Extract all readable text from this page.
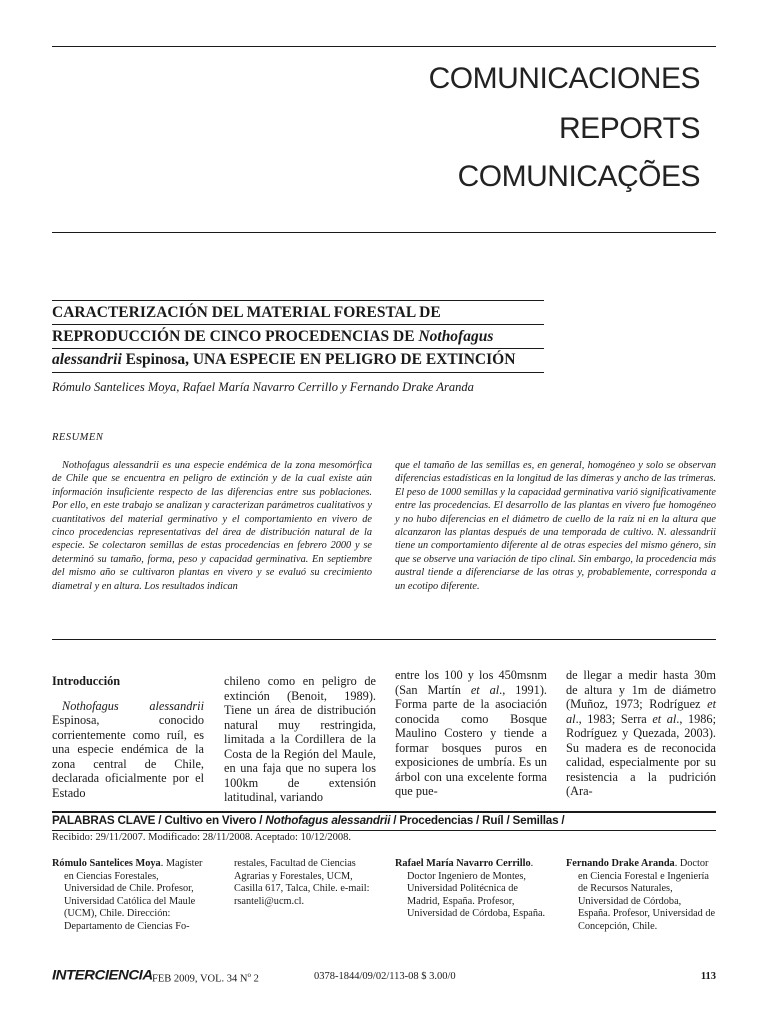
COMUNICACIONES
REPORTS
COMUNICAÇÕES
CARACTERIZACIÓN DEL MATERIAL FORESTAL DE
REPRODUCCIÓN DE CINCO PROCEDENCIAS DE Nothofagus
alessandrii Espinosa, UNA ESPECIE EN PELIGRO DE EXTINCIÓN
Rómulo Santelices Moya, Rafael María Navarro Cerrillo y Fernando Drake Aranda
RESUMEN

Nothofagus alessandrii es una especie endémica de la zona mesomórfica de Chile que se encuentra en peligro de extinción y de la cual existe aún información insuficiente respecto de las diferencias entre sus poblaciones. Por ello, en este trabajo se analizan y caracterizan parámetros cualitativos y cuantitativos del material germinativo y el comportamiento en vivero de cinco procedencias representativas del área de distribución natural de la especie. Se colectaron semillas de estas procedencias en febrero 2000 y se determinó su tamaño, forma, peso y capacidad germinativa. En septiembre del mismo año se cultivaron plantas en vivero y se evaluó su crecimiento diametral y en altura. Los resultados indican

que el tamaño de las semillas es, en general, homogéneo y solo se observan diferencias estadísticas en la longitud de las dímeras y ancho de las trímeras. El peso de 1000 semillas y la capacidad germinativa varió significativamente entre las procedencias. El desarrollo de las plantas en vivero fue homogéneo y no hubo diferencias en el diámetro de cuello de la raíz ni en la altura que alcanzaron las plantas después de una temporada de cultivo. N. alessandrii tiene un comportamiento diferente al de otras especies del mismo género, sin que se observe una variación de tipo clinal. Sin embargo, la procedencia más austral tiende a diferenciarse de las otras y, probablemente, corresponda a un ecotipo diferente.

Introducción

Nothofagus alessandrii Espinosa, conocido corrientemente como ruíl, es una especie endémica de la zona central de Chile, declarada oficialmente por el Estado

chileno como en peligro de extinción (Benoit, 1989). Tiene un área de distribución natural muy restringida, limitada a la Cordillera de la Costa de la Región del Maule, en una faja que no supera los 100km de extensión latitudinal, variando

entre los 100 y los 450msnm (San Martín et al., 1991). Forma parte de la asociación conocida como Bosque Maulino Costero y tiende a formar bosques puros en exposiciones de umbría. Es un árbol con una excelente forma que pue-

de llegar a medir hasta 30m de altura y 1m de diámetro (Muñoz, 1973; Rodríguez et al., 1983; Serra et al., 1986; Rodríguez y Quezada, 2003). Su madera es de reconocida calidad, especialmente por su resistencia a la pudrición (Ara-

PALABRAS CLAVE / Cultivo en Vivero / Nothofagus alessandrii / Procedencias / Ruíl / Semillas /
Recibido: 29/11/2007. Modificado: 28/11/2008. Aceptado: 10/12/2008.

Rómulo Santelices Moya. Magíster en Ciencias Forestales, Universidad de Chile. Profesor, Universidad Católica del Maule (UCM), Chile. Dirección: Departamento de Ciencias Fo-

restales, Facultad de Ciencias Agrarias y Forestales, UCM, Casilla 617, Talca, Chile. e-mail: rsanteli@ucm.cl.

Rafael María Navarro Cerrillo. Doctor Ingeniero de Montes, Universidad Politécnica de Madrid, España. Profesor, Universidad de Córdoba, España.

Fernando Drake Aranda. Doctor en Ciencia Forestal e Ingeniería de Recursos Naturales, Universidad de Córdoba, España. Profesor, Universidad de Concepción, Chile.

INTERCIENCIA FEB 2009, VOL. 34 $N^o$ 2	0378-1844/09/02/113-08 $ 3.00/0	113
